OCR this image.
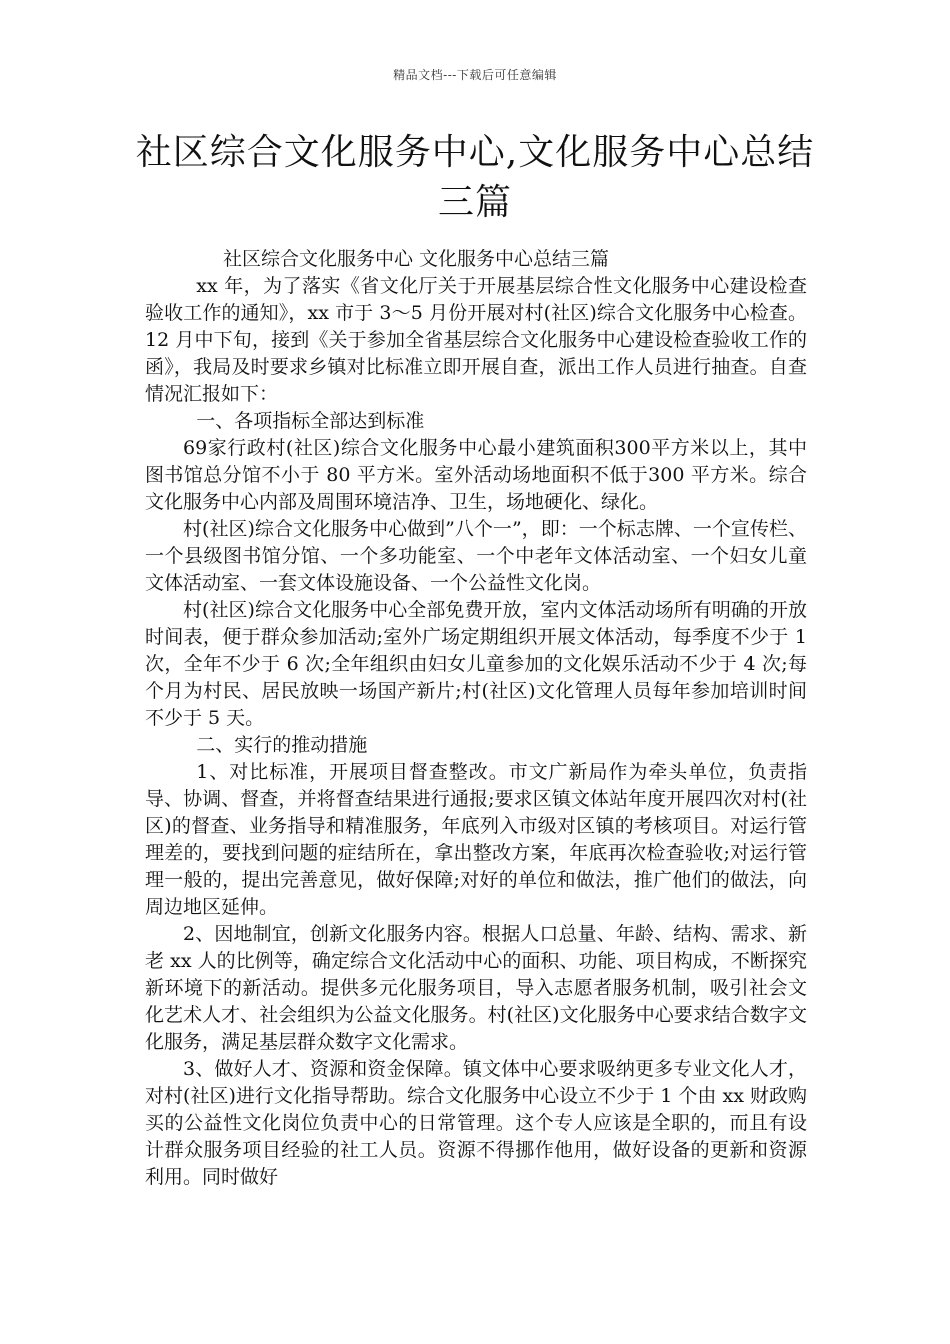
精品文档---下载后可任意编辑
社区综合文化服务中心,文化服务中心总结
三篇

社区综合文化服务中心 文化服务中心总结三篇

xx 年，为了落实《省文化厅关于开展基层综合性文化服务中心建设检查验收工作的通知》，xx 市于 3～5 月份开展对村(社区)综合文化服务中心检查。12 月中下旬，接到《关于参加全省基层综合文化服务中心建设检查验收工作的函》，我局及时要求乡镇对比标准立即开展自查，派出工作人员进行抽查。自查情况汇报如下：

一、各项指标全部达到标准

69家行政村(社区)综合文化服务中心最小建筑面积300平方米以上，其中图书馆总分馆不小于 80 平方米。室外活动场地面积不低于300 平方米。综合文化服务中心内部及周围环境洁净、卫生，场地硬化、绿化。

村(社区)综合文化服务中心做到”八个一”，即：一个标志牌、一个宣传栏、一个县级图书馆分馆、一个多功能室、一个中老年文体活动室、一个妇女儿童文体活动室、一套文体设施设备、一个公益性文化岗。

村(社区)综合文化服务中心全部免费开放，室内文体活动场所有明确的开放时间表，便于群众参加活动;室外广场定期组织开展文体活动，每季度不少于 1 次，全年不少于 6 次;全年组织由妇女儿童参加的文化娱乐活动不少于 4 次;每个月为村民、居民放映一场国产新片;村(社区)文化管理人员每年参加培训时间不少于 5 天。

二、实行的推动措施

1、对比标准，开展项目督查整改。市文广新局作为牵头单位，负责指导、协调、督查，并将督查结果进行通报;要求区镇文体站年度开展四次对村(社区)的督查、业务指导和精准服务，年底列入市级对区镇的考核项目。对运行管理差的，要找到问题的症结所在，拿出整改方案，年底再次检查验收;对运行管理一般的，提出完善意见，做好保障;对好的单位和做法，推广他们的做法，向周边地区延伸。

2、因地制宜，创新文化服务内容。根据人口总量、年龄、结构、需求、新老 xx 人的比例等，确定综合文化活动中心的面积、功能、项目构成，不断探究新环境下的新活动。提供多元化服务项目，导入志愿者服务机制，吸引社会文化艺术人才、社会组织为公益文化服务。村(社区)文化服务中心要求结合数字文化服务，满足基层群众数字文化需求。

3、做好人才、资源和资金保障。镇文体中心要求吸纳更多专业文化人才，对村(社区)进行文化指导帮助。综合文化服务中心设立不少于 1 个由 xx 财政购买的公益性文化岗位负责中心的日常管理。这个专人应该是全职的，而且有设计群众服务项目经验的社工人员。资源不得挪作他用，做好设备的更新和资源利用。同时做好
